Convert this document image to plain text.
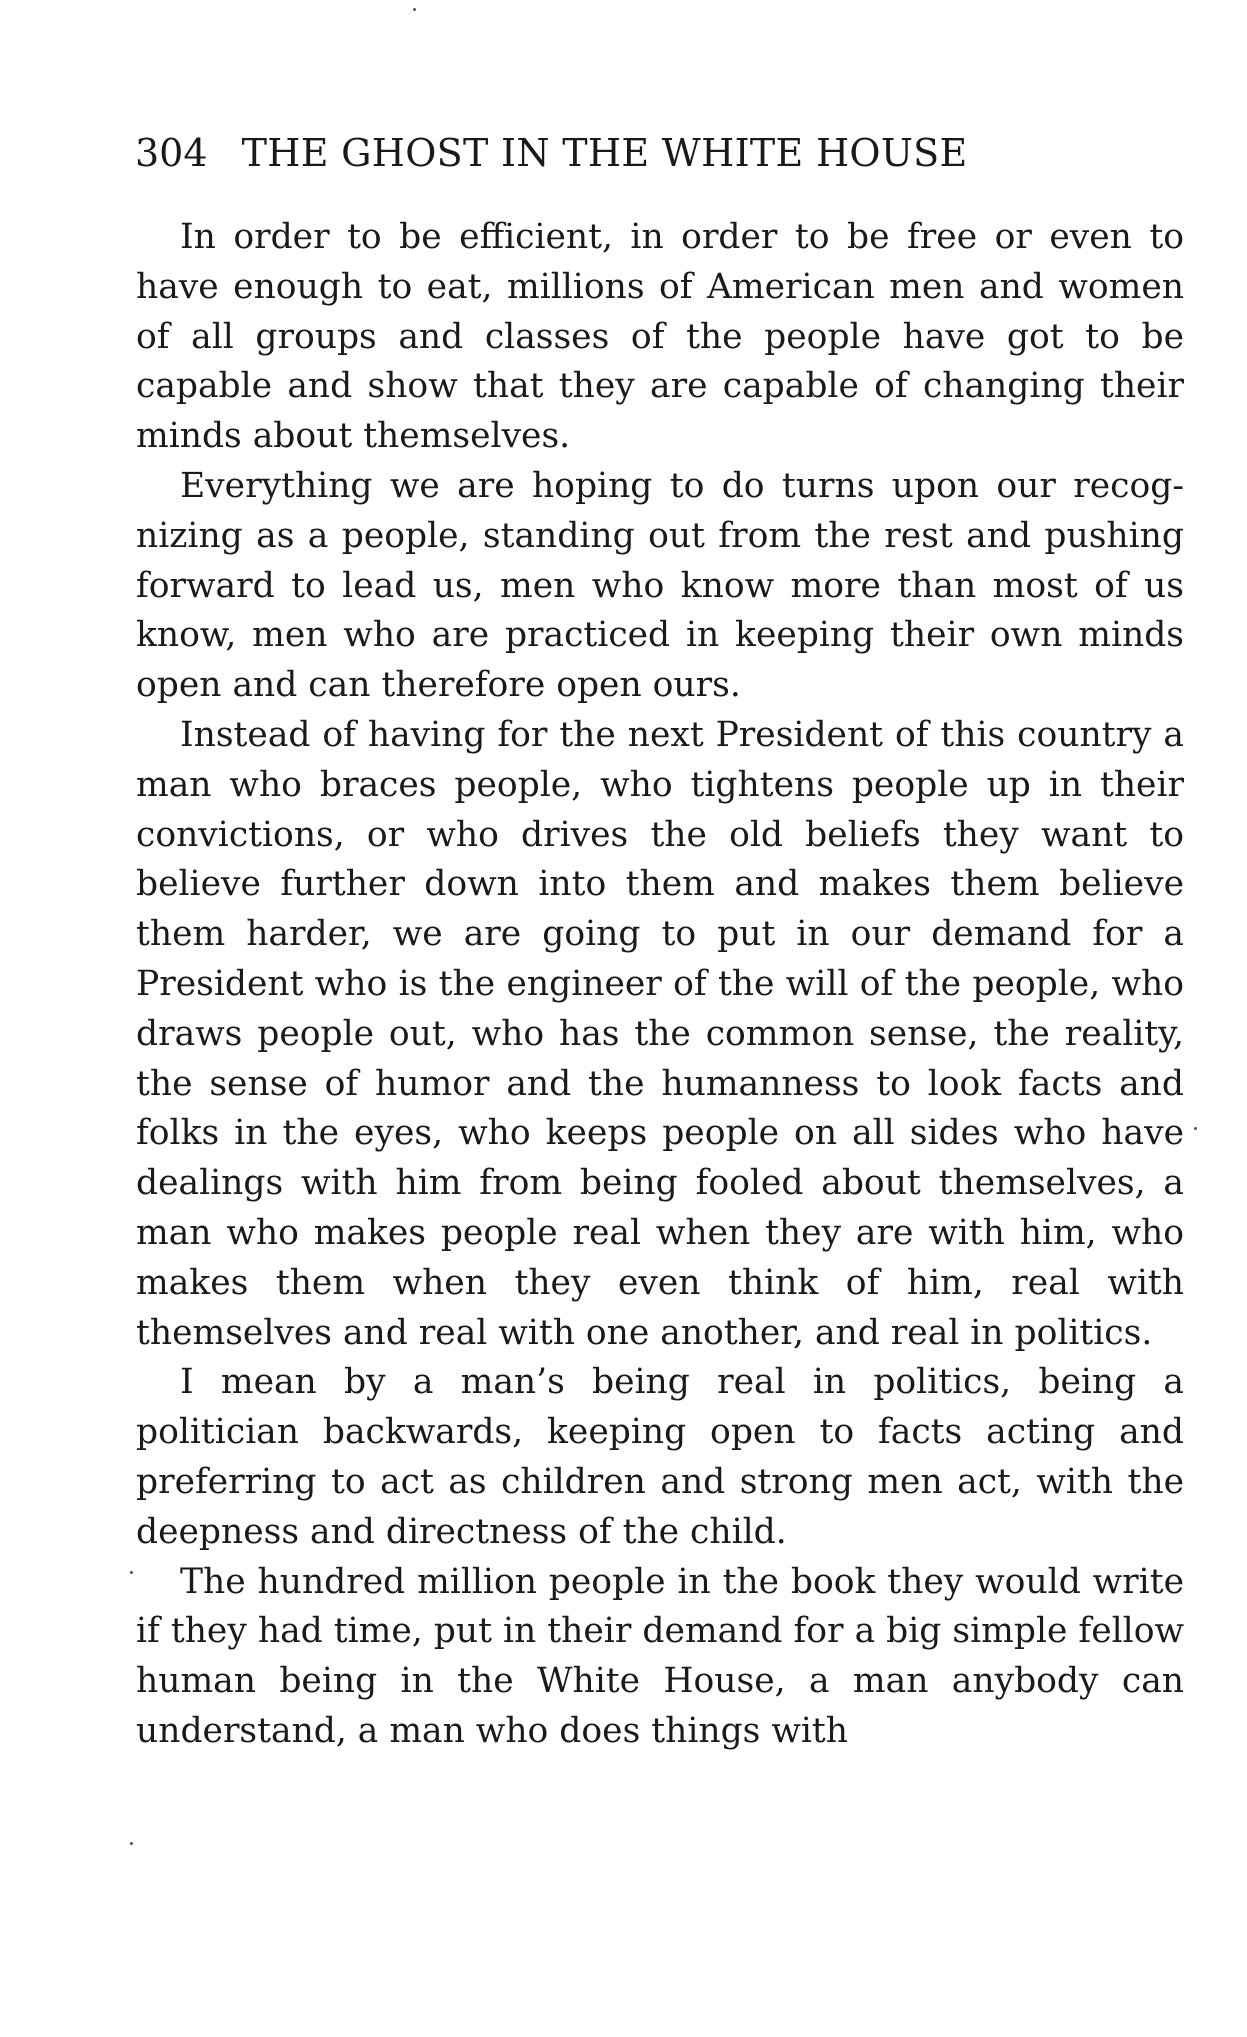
304 THE GHOST IN THE WHITE HOUSE

In order to be efficient, in order to be free or even to have enough to eat, millions of American men and women of all groups and classes of the people have got to be capable and show that they are capable of changing their minds about themselves.

Everything we are hoping to do turns upon our recognizing as a people, standing out from the rest and pushing forward to lead us, men who know more than most of us know, men who are practiced in keeping their own minds open and can therefore open ours.

Instead of having for the next President of this country a man who braces people, who tightens people up in their convictions, or who drives the old beliefs they want to believe further down into them and makes them believe them harder, we are going to put in our demand for a President who is the engineer of the will of the people, who draws people out, who has the common sense, the reality, the sense of humor and the humanness to look facts and folks in the eyes, who keeps people on all sides who have dealings with him from being fooled about themselves, a man who makes people real when they are with him, who makes them when they even think of him, real with themselves and real with one another, and real in politics.

I mean by a man’s being real in politics, being a politician backwards, keeping open to facts acting and preferring to act as children and strong men act, with the deepness and directness of the child.

The hundred million people in the book they would write if they had time, put in their demand for a big simple fellow human being in the White House, a man anybody can understand, a man who does things with
